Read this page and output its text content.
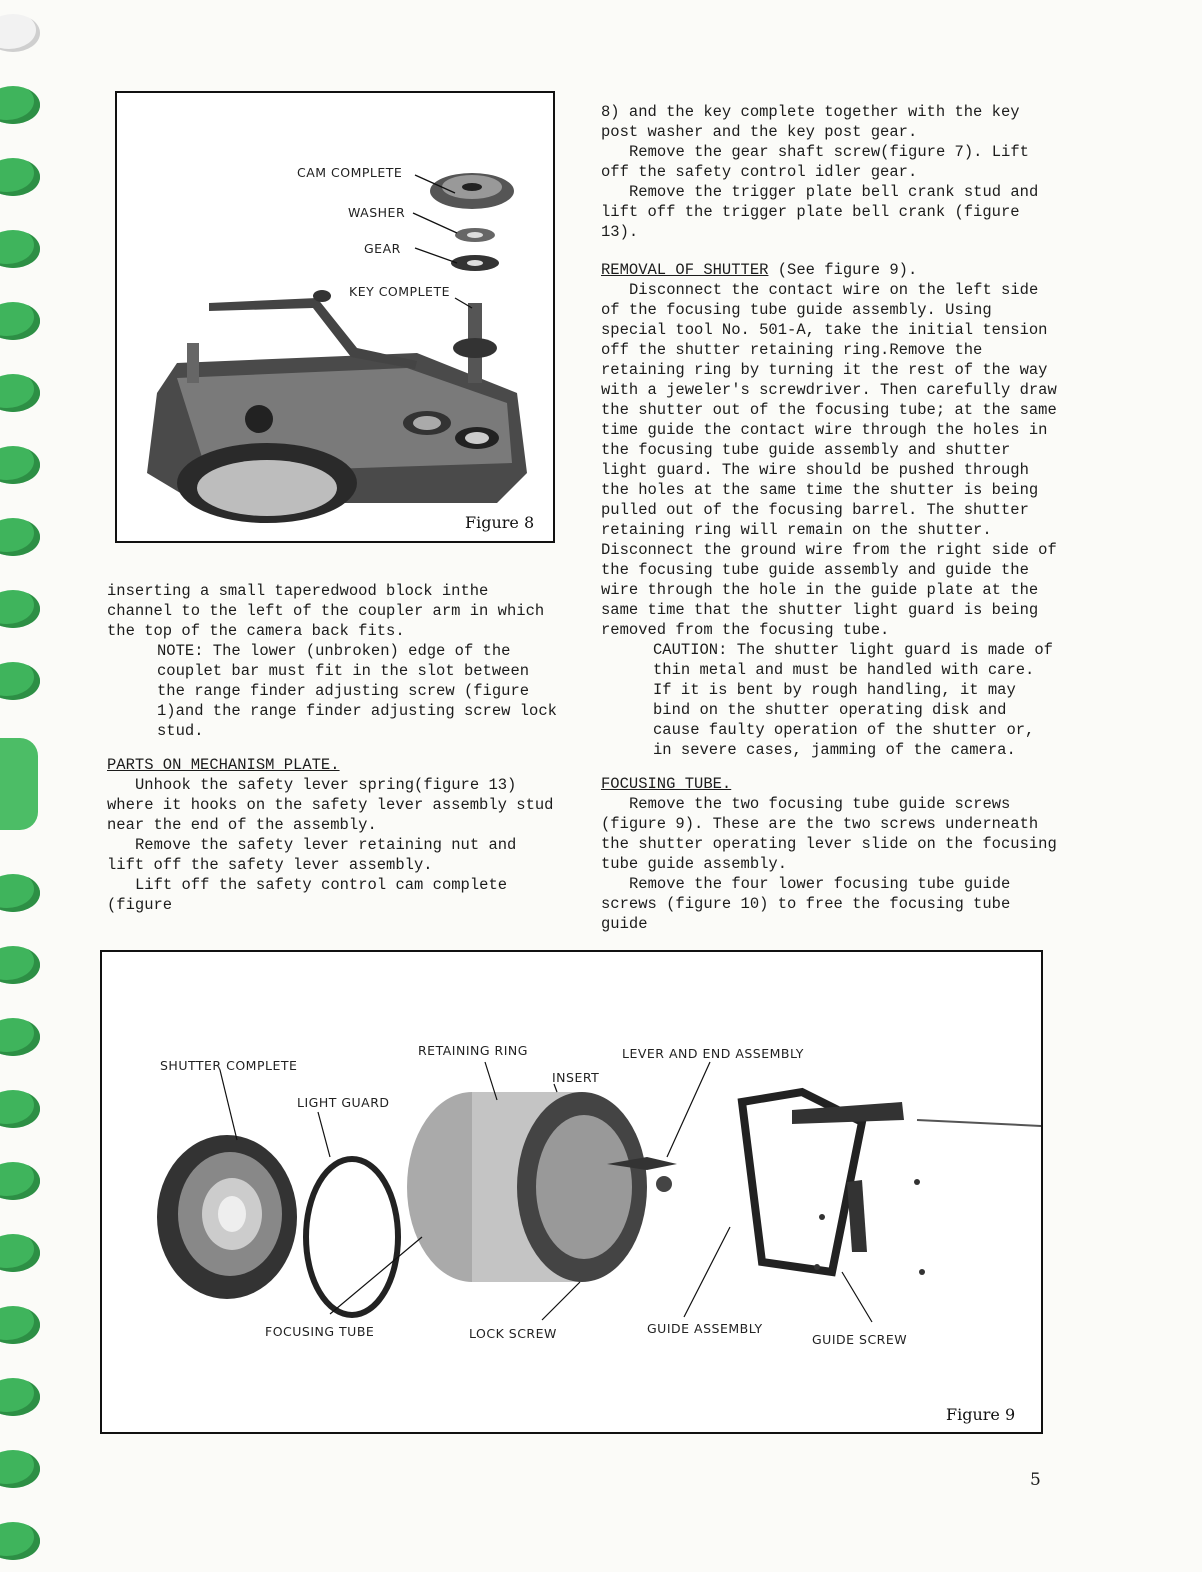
CAM COMPLETE
WASHER
GEAR
KEY COMPLETE
Figure 8

inserting a small taperedwood block inthe channel to the left of the coupler arm in which the top of the camera back fits.

NOTE: The lower (unbroken) edge of the couplet bar must fit in the slot between the range finder adjusting screw (figure 1)and the range finder adjusting screw lock stud.

PARTS ON MECHANISM PLATE.

Unhook the safety lever spring(figure 13) where it hooks on the safety lever assembly stud near the end of the assembly.

Remove the safety lever retaining nut and lift off the safety lever assembly.

Lift off the safety control cam complete (figure

8) and the key complete together with the key post washer and the key post gear.

Remove the gear shaft screw(figure 7). Lift off the safety control idler gear.

Remove the trigger plate bell crank stud and lift off the trigger plate bell crank (figure 13).

REMOVAL OF SHUTTER (See figure 9).

Disconnect the contact wire on the left side of the focusing tube guide assembly. Using special tool No. 501-A, take the initial tension off the shutter retaining ring.Remove the retaining ring by turning it the rest of the way with a jeweler's screwdriver. Then carefully draw the shutter out of the focusing tube; at the same time guide the contact wire through the holes in the focusing tube guide assembly and shutter light guard. The wire should be pushed through the holes at the same time the shutter is being pulled out of the focusing barrel. The shutter retaining ring will remain on the shutter. Disconnect the ground wire from the right side of the focusing tube guide assembly and guide the wire through the hole in the guide plate at the same time that the shutter light guard is being removed from the focusing tube.

CAUTION: The shutter light guard is made of thin metal and must be handled with care. If it is bent by rough handling, it may bind on the shutter operating disk and cause faulty operation of the shutter or, in severe cases, jamming of the camera.

FOCUSING TUBE.

Remove the two focusing tube guide screws (figure 9). These are the two screws underneath the shutter operating lever slide on the focusing tube guide assembly.

Remove the four lower focusing tube guide screws (figure 10) to free the focusing tube guide

SHUTTER COMPLETE
LIGHT GUARD
RETAINING RING
INSERT
LEVER AND END ASSEMBLY
FOCUSING TUBE	LOCK SCREW	GUIDE ASSEMBLY
GUIDE SCREW
Figure 9
5
